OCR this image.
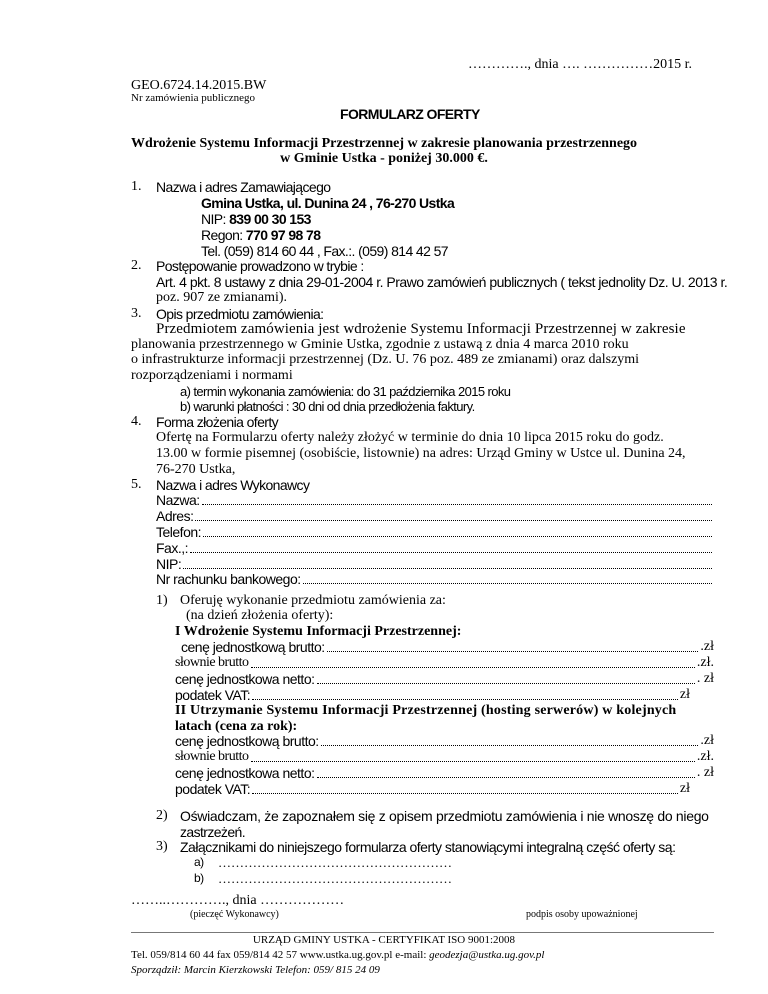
…………., dnia …. ……………2015 r.
GEO.6724.14.2015.BW
Nr zamówienia publicznego
FORMULARZ OFERTY
Wdrożenie Systemu Informacji Przestrzennej w zakresie planowania przestrzennego
w Gminie Ustka - poniżej 30.000 €.
1. Nazwa i adres Zamawiającego
Gmina Ustka, ul. Dunina 24 , 76-270 Ustka
NIP: 839 00 30 153
Regon: 770 97 98 78
Tel. (059) 814 60 44 , Fax.:. (059) 814 42 57
2. Postępowanie prowadzono w trybie :
Art. 4 pkt. 8 ustawy z dnia 29-01-2004 r. Prawo zamówień publicznych ( tekst jednolity Dz. U. 2013 r.
poz. 907 ze zmianami).
3. Opis przedmiotu zamówienia:
Przedmiotem zamówienia jest wdrożenie Systemu Informacji Przestrzennej w zakresie
planowania przestrzennego w Gminie Ustka, zgodnie z ustawą z dnia 4 marca 2010 roku
o infrastrukturze informacji przestrzennej (Dz. U. 76 poz. 489 ze zmianami) oraz dalszymi
rozporządzeniami i normami
a) termin wykonania zamówienia: do 31 października 2015 roku
b) warunki płatności : 30 dni od dnia przedłożenia faktury.
4. Forma złożenia oferty
Ofertę na Formularzu oferty należy złożyć w terminie do dnia 10 lipca 2015 roku do godz.
13.00 w formie pisemnej (osobiście, listownie) na adres: Urząd Gminy w Ustce ul. Dunina 24,
76-270 Ustka,
5. Nazwa i adres Wykonawcy
Nazwa:
Adres:
Telefon:
Fax.,:
NIP:
Nr rachunku bankowego:
1) Oferuję wykonanie przedmiotu zamówienia za:
(na dzień złożenia oferty):
I Wdrożenie Systemu Informacji Przestrzennej:
cenę jednostkową brutto:	.zł
słownie brutto	.zł.
cenę jednostkowa netto:	. zł
podatek VAT:	zł
II Utrzymanie Systemu Informacji Przestrzennej (hosting serwerów) w kolejnych
latach (cena za rok):
cenę jednostkową brutto:	.zł
słownie brutto	.zł.
cenę jednostkowa netto:	. zł
podatek VAT:	zł
2) Oświadczam, że zapoznałem się z opisem przedmiotu zamówienia i nie wnoszę do niego
zastrzeżeń.
3) Załącznikami do niniejszego formularza oferty stanowiącymi integralną część oferty są:
a) ………………………………………………
b) ………………………………………………
……..…………., dnia ………………
(pieczęć Wykonawcy)	podpis osoby upoważnionej
URZĄD GMINY USTKA - CERTYFIKAT ISO 9001:2008
Tel. 059/814 60 44 fax 059/814 42 57 www.ustka.ug.gov.pl e-mail: geodezja@ustka.ug.gov.pl
Sporządził: Marcin Kierzkowski Telefon: 059/ 815 24 09
